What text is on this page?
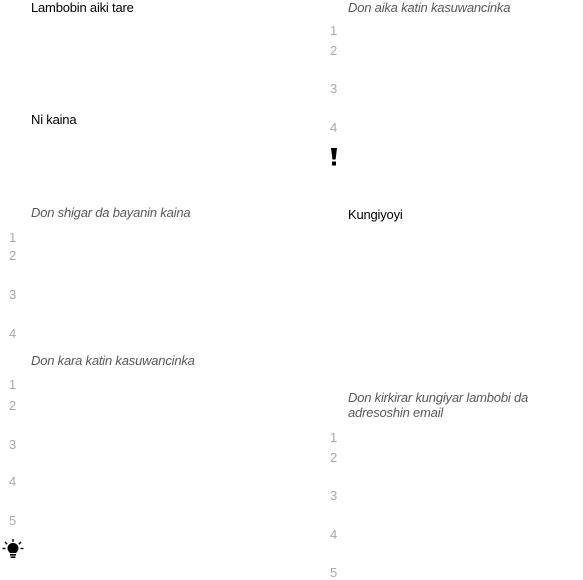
Lambobin aiki tare
Ni kaina
Don shigar da bayanin kaina
1
2
3
4
Don kara katin kasuwancinka
1
2
3
4
5
Don aika katin kasuwancinka
1
2
3
4
Kungiyoyi
Don kirkirar kungiyar lambobi da
adresoshin email
1
2
3
4
5
